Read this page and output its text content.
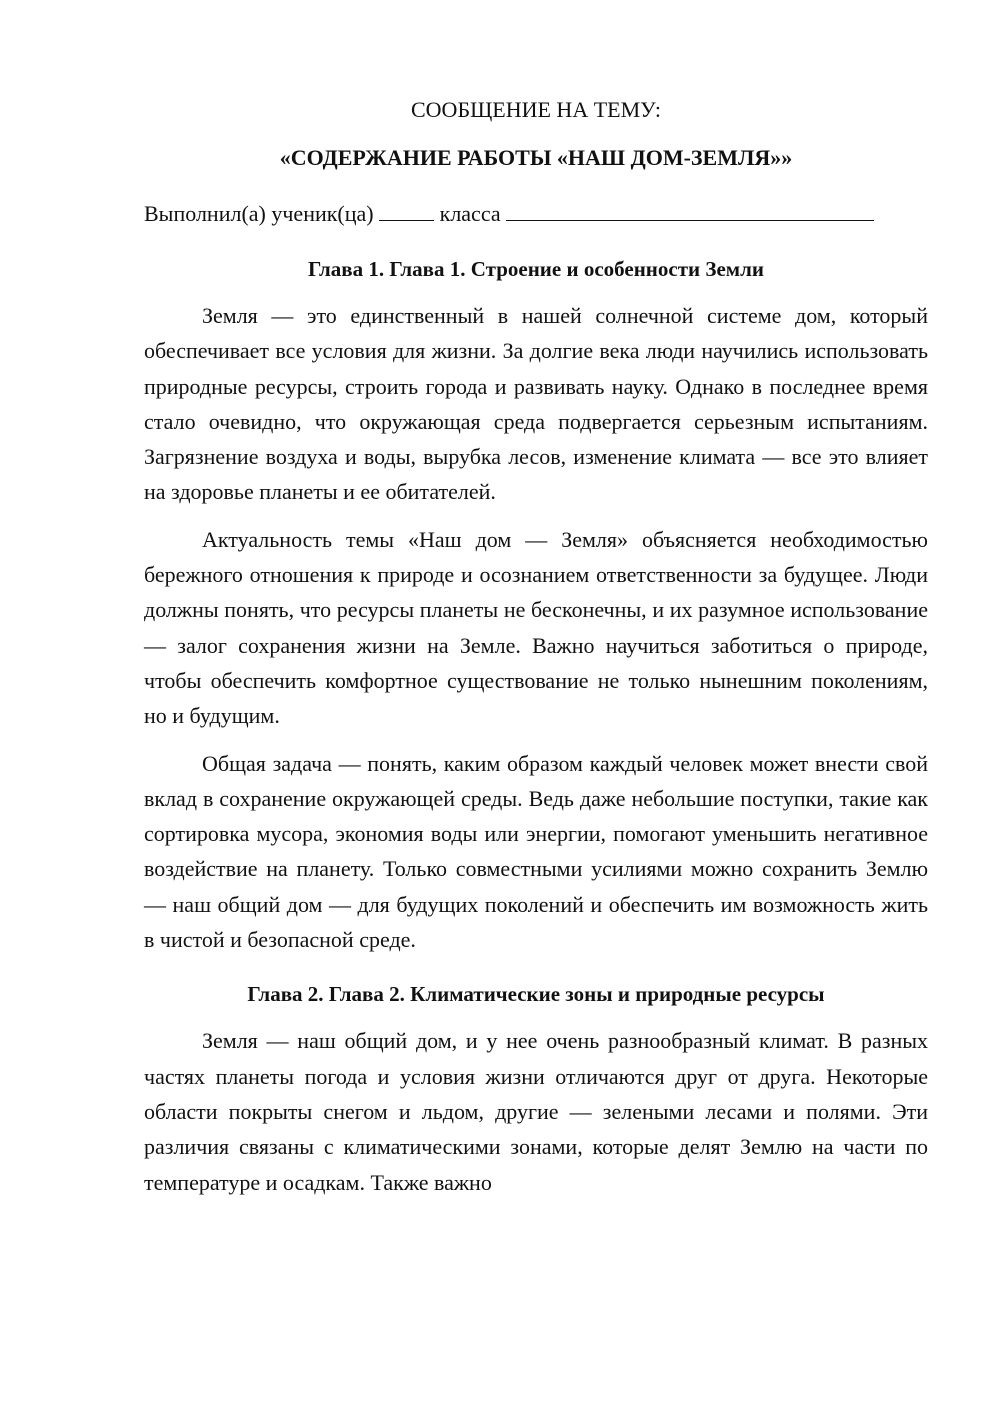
СООБЩЕНИЕ НА ТЕМУ:

«СОДЕРЖАНИЕ РАБОТЫ «НАШ ДОМ-ЗЕМЛЯ»»

Выполнил(а) ученик(ца)	класса

Глава 1. Глава 1. Строение и особенности Земли

Земля — это единственный в нашей солнечной системе дом, который обеспечивает все условия для жизни. За долгие века люди научились использовать природные ресурсы, строить города и развивать науку. Однако в последнее время стало очевидно, что окружающая среда подвергается серьезным испытаниям. Загрязнение воздуха и воды, вырубка лесов, изменение климата — все это влияет на здоровье планеты и ее обитателей.

Актуальность темы «Наш дом — Земля» объясняется необходимостью бережного отношения к природе и осознанием ответственности за будущее. Люди должны понять, что ресурсы планеты не бесконечны, и их разумное использование — залог сохранения жизни на Земле. Важно научиться заботиться о природе, чтобы обеспечить комфортное существование не только нынешним поколениям, но и будущим.

Общая задача — понять, каким образом каждый человек может внести свой вклад в сохранение окружающей среды. Ведь даже небольшие поступки, такие как сортировка мусора, экономия воды или энергии, помогают уменьшить негативное воздействие на планету. Только совместными усилиями можно сохранить Землю — наш общий дом — для будущих поколений и обеспечить им возможность жить в чистой и безопасной среде.

Глава 2. Глава 2. Климатические зоны и природные ресурсы

Земля — наш общий дом, и у нее очень разнообразный климат. В разных частях планеты погода и условия жизни отличаются друг от друга. Некоторые области покрыты снегом и льдом, другие — зелеными лесами и полями. Эти различия связаны с климатическими зонами, которые делят Землю на части по температуре и осадкам. Также важно
